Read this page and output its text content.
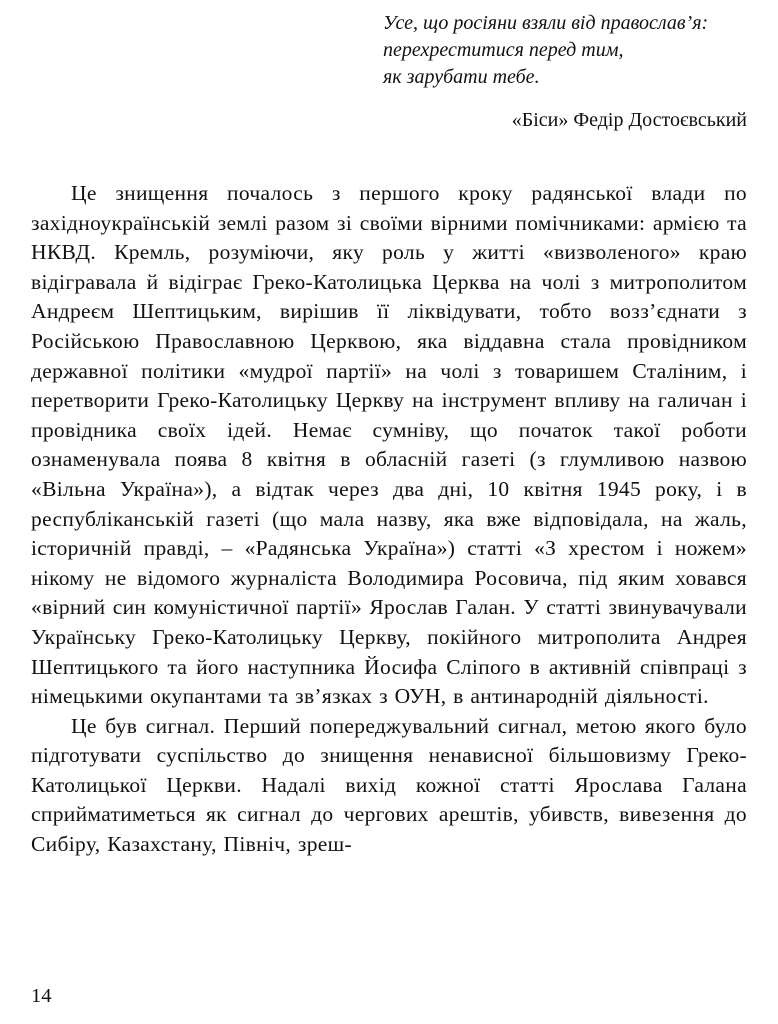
Усе, що росіяни взяли від православ’я:
перехреститися перед тим,
як зарубати тебе.
«Біси» Федір Достоєвський

Це знищення почалось з першого кроку радянської влади по західноукраїнській землі разом зі своїми вірними помічниками: армією та НКВД. Кремль, розуміючи, яку роль у житті «визволеного» краю відігравала й відіграє Греко-Католицька Церква на чолі з митрополитом Андреєм Шептицьким, вирішив її ліквідувати, тобто возз’єднати з Російською Православною Церквою, яка віддавна стала провідником державної політики «мудрої партії» на чолі з товаришем Сталіним, і перетворити Греко-Католицьку Церкву на інструмент впливу на галичан і провідника своїх ідей. Немає сумніву, що початок такої роботи ознаменувала поява 8 квітня в обласній газеті (з глумливою назвою «Вільна Україна»), а відтак через два дні, 10 квітня 1945 року, і в республіканській газеті (що мала назву, яка вже відповідала, на жаль, історичній правді, – «Радянська Україна») статті «З хрестом і ножем» нікому не відомого журналіста Володимира Росовича, під яким ховався «вірний син комуністичної партії» Ярослав Галан. У статті звинувачували Українську Греко-Католицьку Церкву, покійного митрополита Андрея Шептицького та його наступника Йосифа Сліпого в активній співпраці з німецькими окупантами та зв’язках з ОУН, в антинародній діяльності.

Це був сигнал. Перший попереджувальний сигнал, метою якого було підготувати суспільство до знищення ненависної більшовизму Греко-Католицької Церкви. Надалі вихід кожної статті Ярослава Галана сприйматиметься як сигнал до чергових арештів, убивств, вивезення до Сибіру, Казахстану, Північ, зреш-

14
